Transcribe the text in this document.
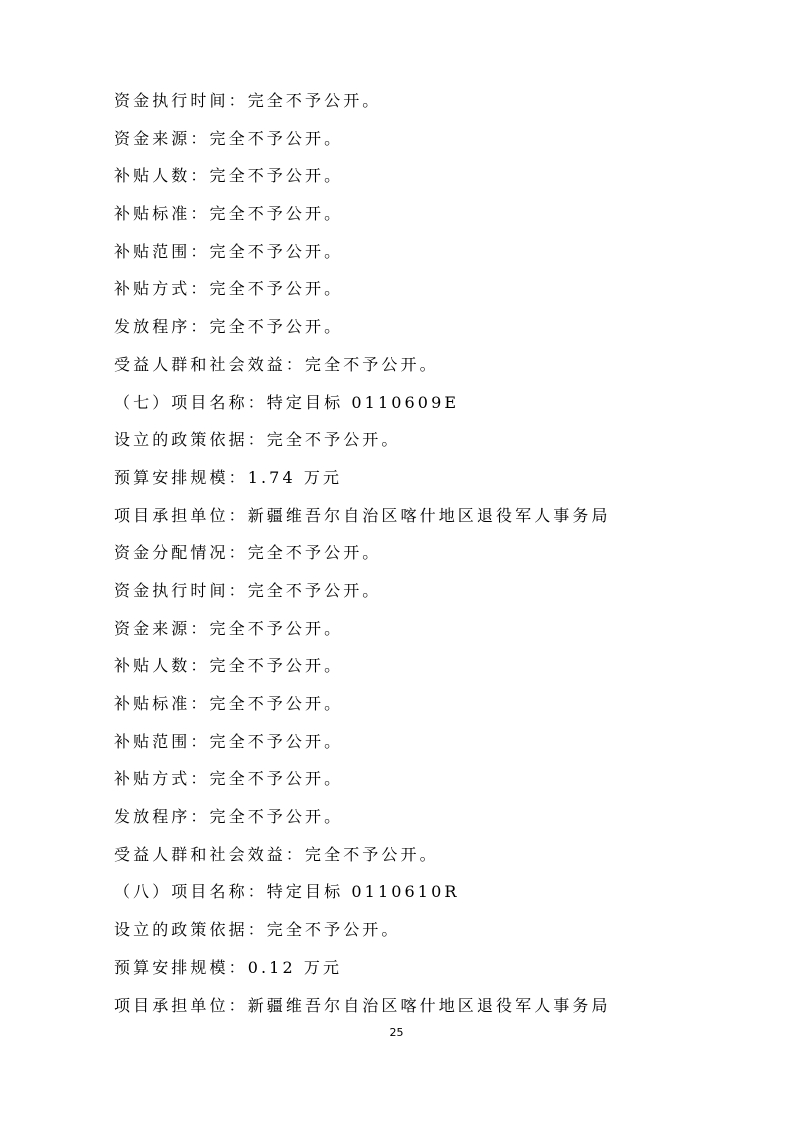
资金执行时间：完全不予公开。
资金来源：完全不予公开。
补贴人数：完全不予公开。
补贴标准：完全不予公开。
补贴范围：完全不予公开。
补贴方式：完全不予公开。
发放程序：完全不予公开。
受益人群和社会效益：完全不予公开。
（七）项目名称：特定目标 0110609E
设立的政策依据：完全不予公开。
预算安排规模：1.74 万元
项目承担单位：新疆维吾尔自治区喀什地区退役军人事务局
资金分配情况：完全不予公开。
资金执行时间：完全不予公开。
资金来源：完全不予公开。
补贴人数：完全不予公开。
补贴标准：完全不予公开。
补贴范围：完全不予公开。
补贴方式：完全不予公开。
发放程序：完全不予公开。
受益人群和社会效益：完全不予公开。
（八）项目名称：特定目标 0110610R
设立的政策依据：完全不予公开。
预算安排规模：0.12 万元
项目承担单位：新疆维吾尔自治区喀什地区退役军人事务局
25
